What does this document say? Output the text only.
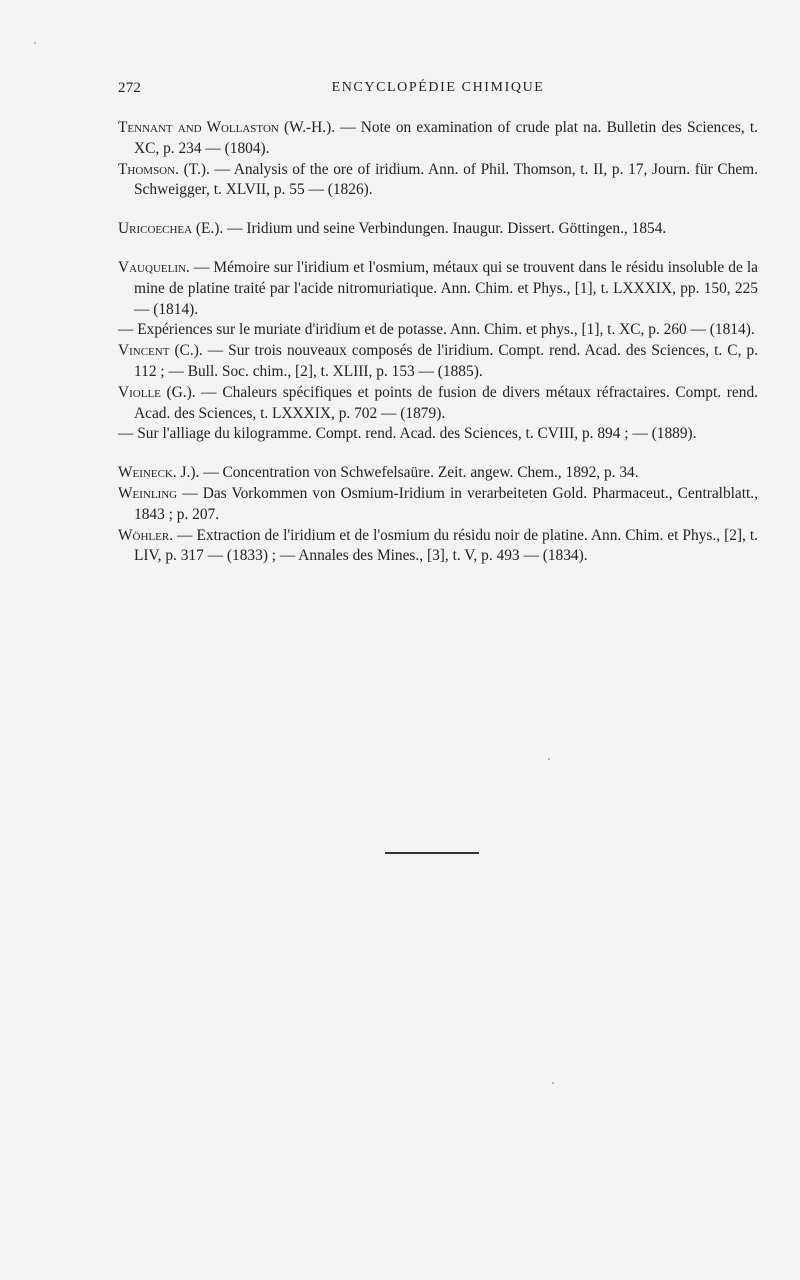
272	ENCYCLOPÉDIE CHIMIQUE

Tennant and Wollaston (W.-H.). — Note on examination of crude plat na. Bulletin des Sciences, t. XC, p. 234 — (1804).

Thomson. (T.). — Analysis of the ore of iridium. Ann. of Phil. Thomson, t. II, p. 17, Journ. für Chem. Schweigger, t. XLVII, p. 55 — (1826).

Uricoechea (E.). — Iridium und seine Verbindungen. Inaugur. Dissert. Göttingen., 1854.

Vauquelin. — Mémoire sur l'iridium et l'osmium, métaux qui se trouvent dans le résidu insoluble de la mine de platine traité par l'acide nitromuriatique. Ann. Chim. et Phys., [1], t. LXXXIX, pp. 150, 225 — (1814).

— Expériences sur le muriate d'iridium et de potasse. Ann. Chim. et phys., [1], t. XC, p. 260 — (1814).

Vincent (C.). — Sur trois nouveaux composés de l'iridium. Compt. rend. Acad. des Sciences, t. C, p. 112 ; — Bull. Soc. chim., [2], t. XLIII, p. 153 — (1885).

Violle (G.). — Chaleurs spécifiques et points de fusion de divers métaux réfractaires. Compt. rend. Acad. des Sciences, t. LXXXIX, p. 702 — (1879).

— Sur l'alliage du kilogramme. Compt. rend. Acad. des Sciences, t. CVIII, p. 894 ; — (1889).

Weineck. J.). — Concentration von Schwefelsaüre. Zeit. angew. Chem., 1892, p. 34.

Weinling — Das Vorkommen von Osmium-Iridium in verarbeiteten Gold. Pharmaceut., Centralblatt., 1843 ; p. 207.

Wöhler. — Extraction de l'iridium et de l'osmium du résidu noir de platine. Ann. Chim. et Phys., [2], t. LIV, p. 317 — (1833) ; — Annales des Mines., [3], t. V, p. 493 — (1834).
